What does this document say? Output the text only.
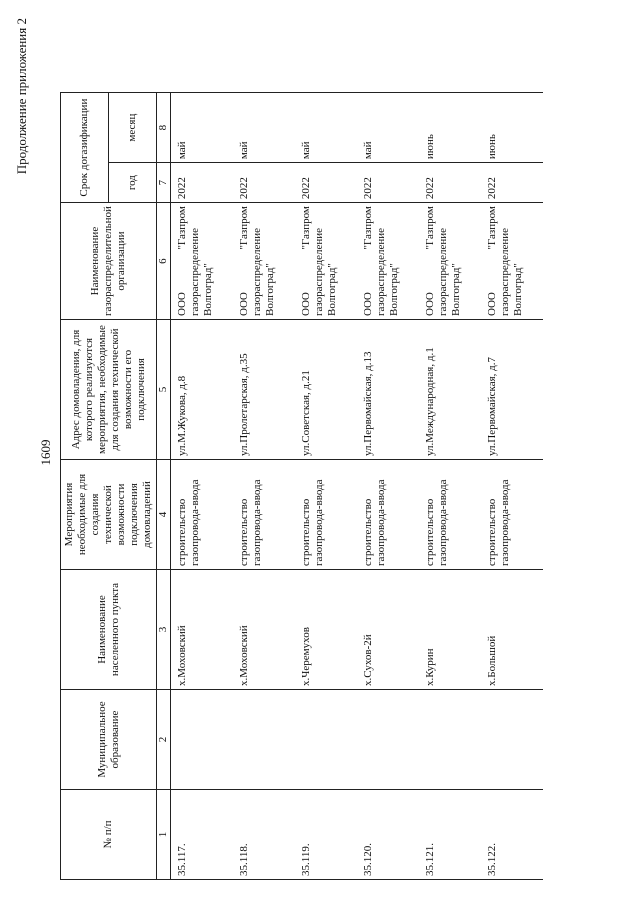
Продолжение приложения 2
1609
№ п/п	Муниципальное образование	Наименование населенного пункта	Мероприятия необходимые для создания технической возможности подключения домовладений	Адрес домовладения, для которого реализуются мероприятия, необходимые для создания технической возможности его подключения	Наименование газораспределительной организации	Срок догазификации	
						год	месяц
1	2	3	4	5	6	7	8
35.117.		х.Моховский	строительство газопровода-ввода	ул.М.Жукова, д.8	ООО "Газпром газораспределение Волгоград"	2022	май
35.118.		х.Моховский	строительство газопровода-ввода	ул.Пролетарская, д.35	ООО "Газпром газораспределение Волгоград"	2022	май
35.119.		х.Черемухов	строительство газопровода-ввода	ул.Советская, д.21	ООО "Газпром газораспределение Волгоград"	2022	май
35.120.		х.Сухов-2й	строительство газопровода-ввода	ул.Первомайская, д.13	ООО "Газпром газораспределение Волгоград"	2022	май
35.121.		х.Курин	строительство газопровода-ввода	ул.Международная, д.1	ООО "Газпром газораспределение Волгоград"	2022	июнь
35.122.		х.Большой	строительство газопровода-ввода	ул.Первомайская, д.7	ООО "Газпром газораспределение Волгоград"	2022	июнь
